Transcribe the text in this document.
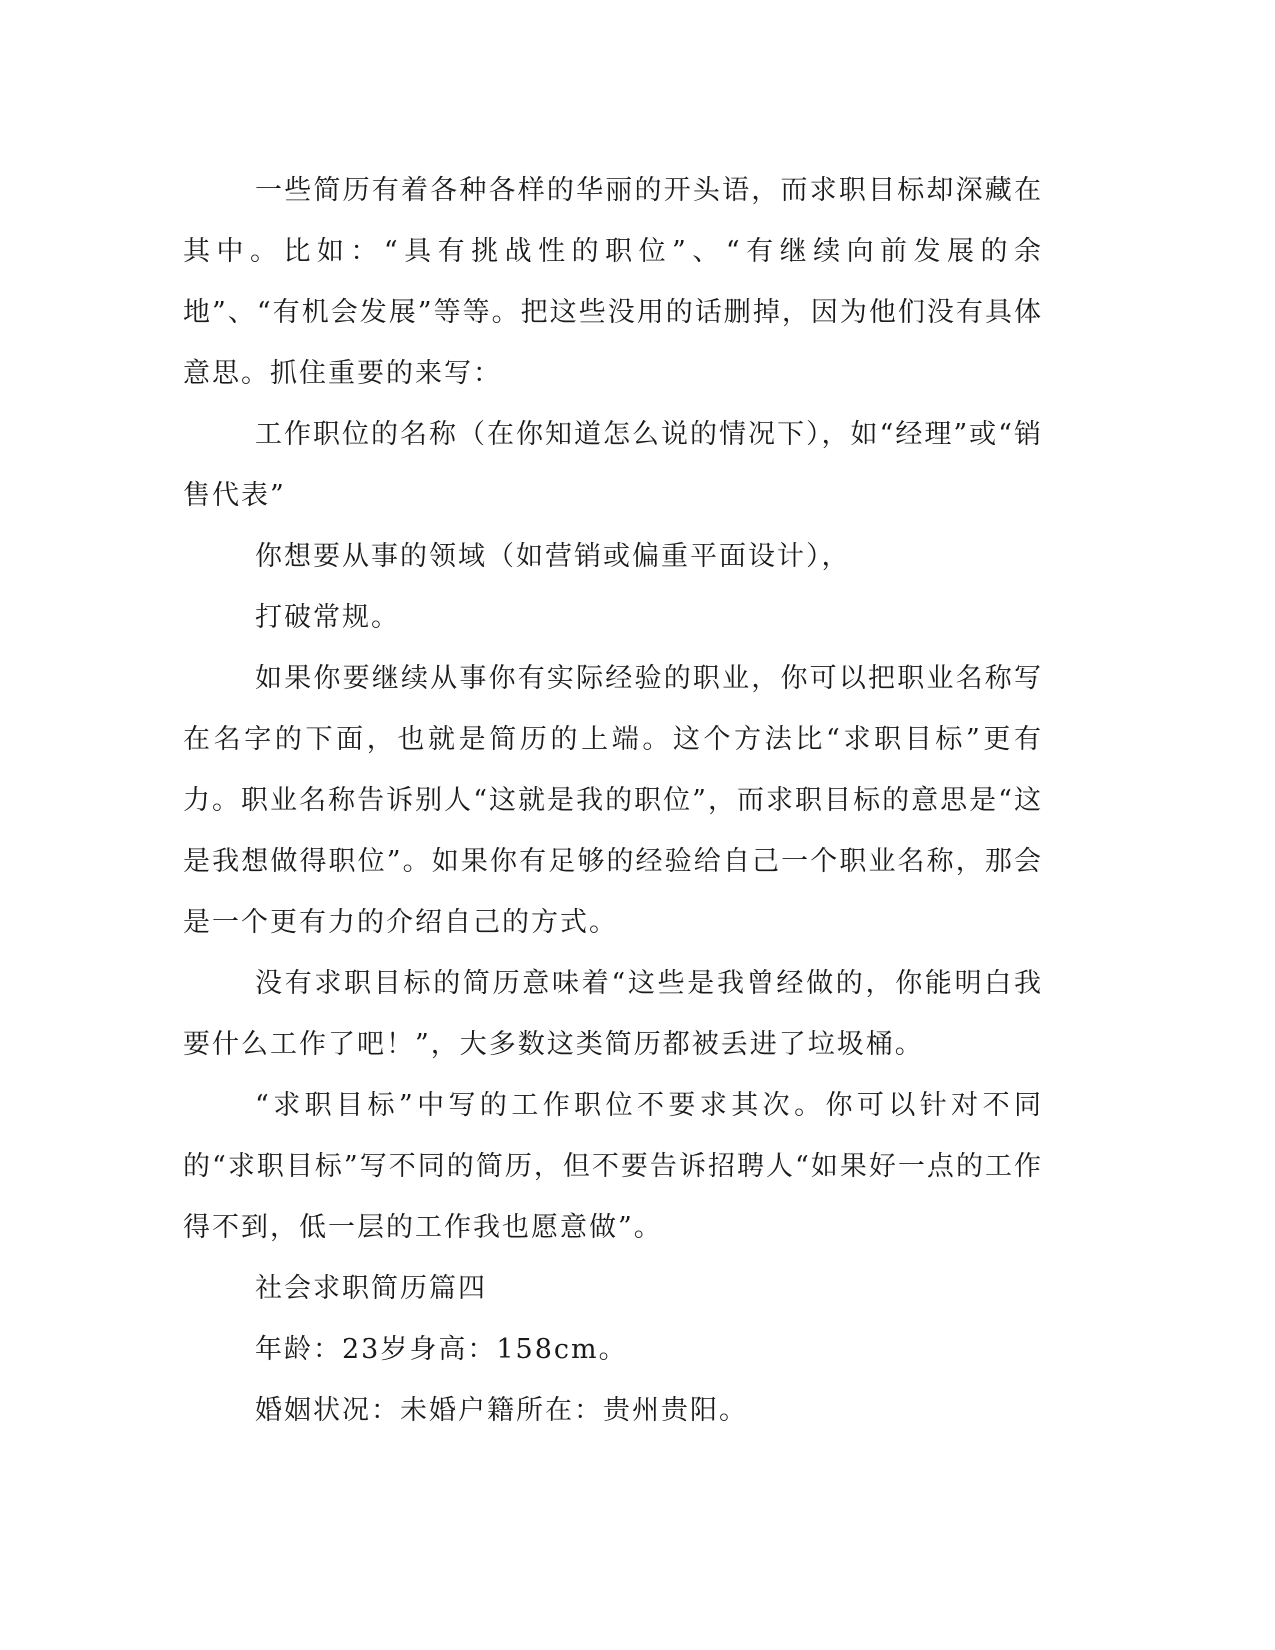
一些简历有着各种各样的华丽的开头语，而求职目标却深藏在其中。比如：“具有挑战性的职位”、“有继续向前发展的余地”、“有机会发展”等等。把这些没用的话删掉，因为他们没有具体意思。抓住重要的来写：

工作职位的名称（在你知道怎么说的情况下），如“经理”或“销售代表”

你想要从事的领域（如营销或偏重平面设计），

打破常规。

如果你要继续从事你有实际经验的职业，你可以把职业名称写在名字的下面，也就是简历的上端。这个方法比“求职目标”更有力。职业名称告诉别人“这就是我的职位”，而求职目标的意思是“这是我想做得职位”。如果你有足够的经验给自己一个职业名称，那会是一个更有力的介绍自己的方式。

没有求职目标的简历意味着“这些是我曾经做的，你能明白我要什么工作了吧！”，大多数这类简历都被丢进了垃圾桶。

“求职目标”中写的工作职位不要求其次。你可以针对不同的“求职目标”写不同的简历，但不要告诉招聘人“如果好一点的工作得不到，低一层的工作我也愿意做”。

社会求职简历篇四

年龄：23岁身高：158cm。

婚姻状况：未婚户籍所在：贵州贵阳。
